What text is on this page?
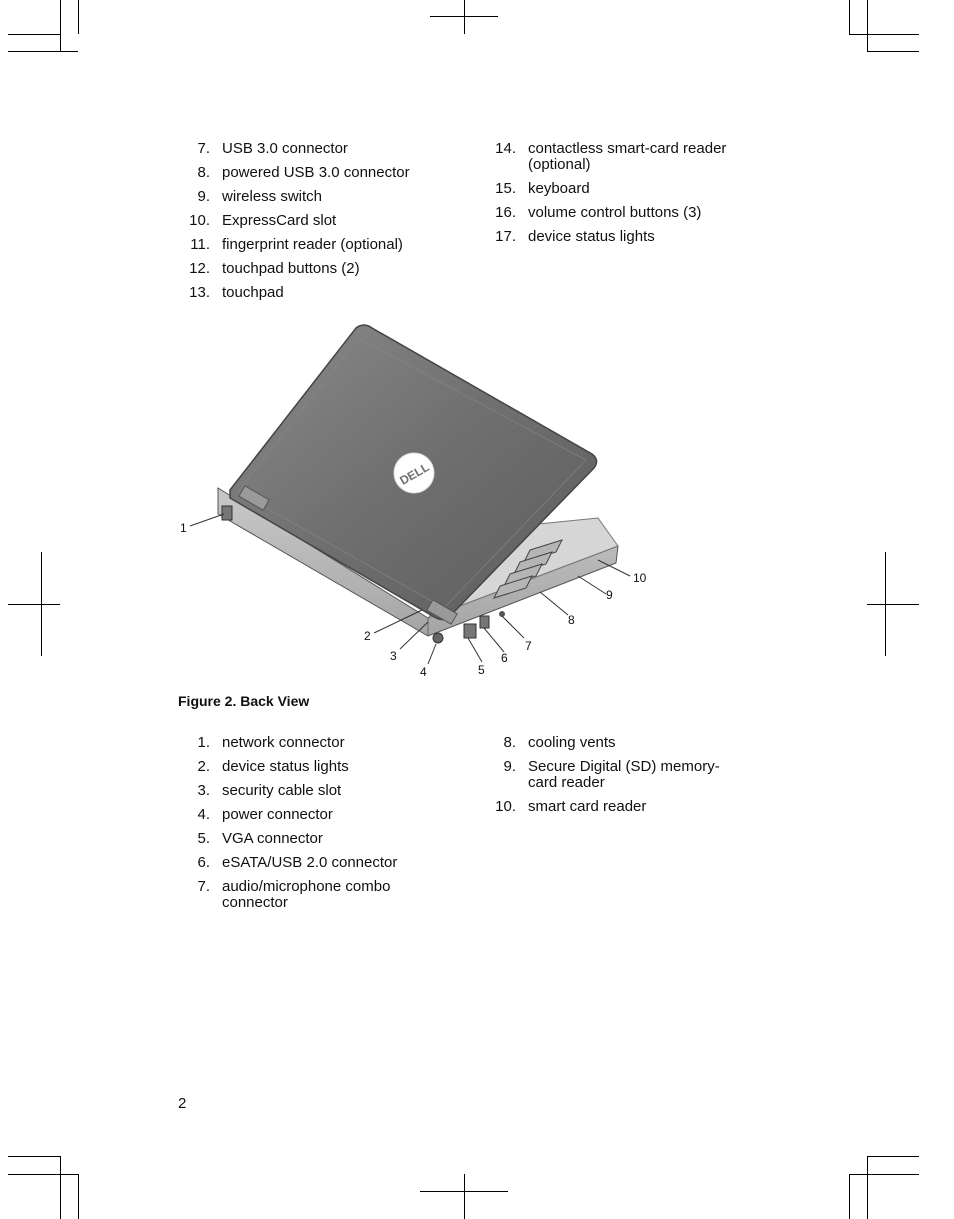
7. USB 3.0 connector
8. powered USB 3.0 connector
9. wireless switch
10. ExpressCard slot
11. fingerprint reader (optional)
12. touchpad buttons (2)
13. touchpad
14. contactless smart-card reader (optional)
15. keyboard
16. volume control buttons (3)
17. device status lights
DELL
1
2
3
4	5
6
7
8
9
10
Figure 2. Back View
1. network connector
2. device status lights
3. security cable slot
4. power connector
5. VGA connector
6. eSATA/USB 2.0 connector
7. audio/microphone combo connector
8. cooling vents
9. Secure Digital (SD) memory-card reader
10. smart card reader
2
